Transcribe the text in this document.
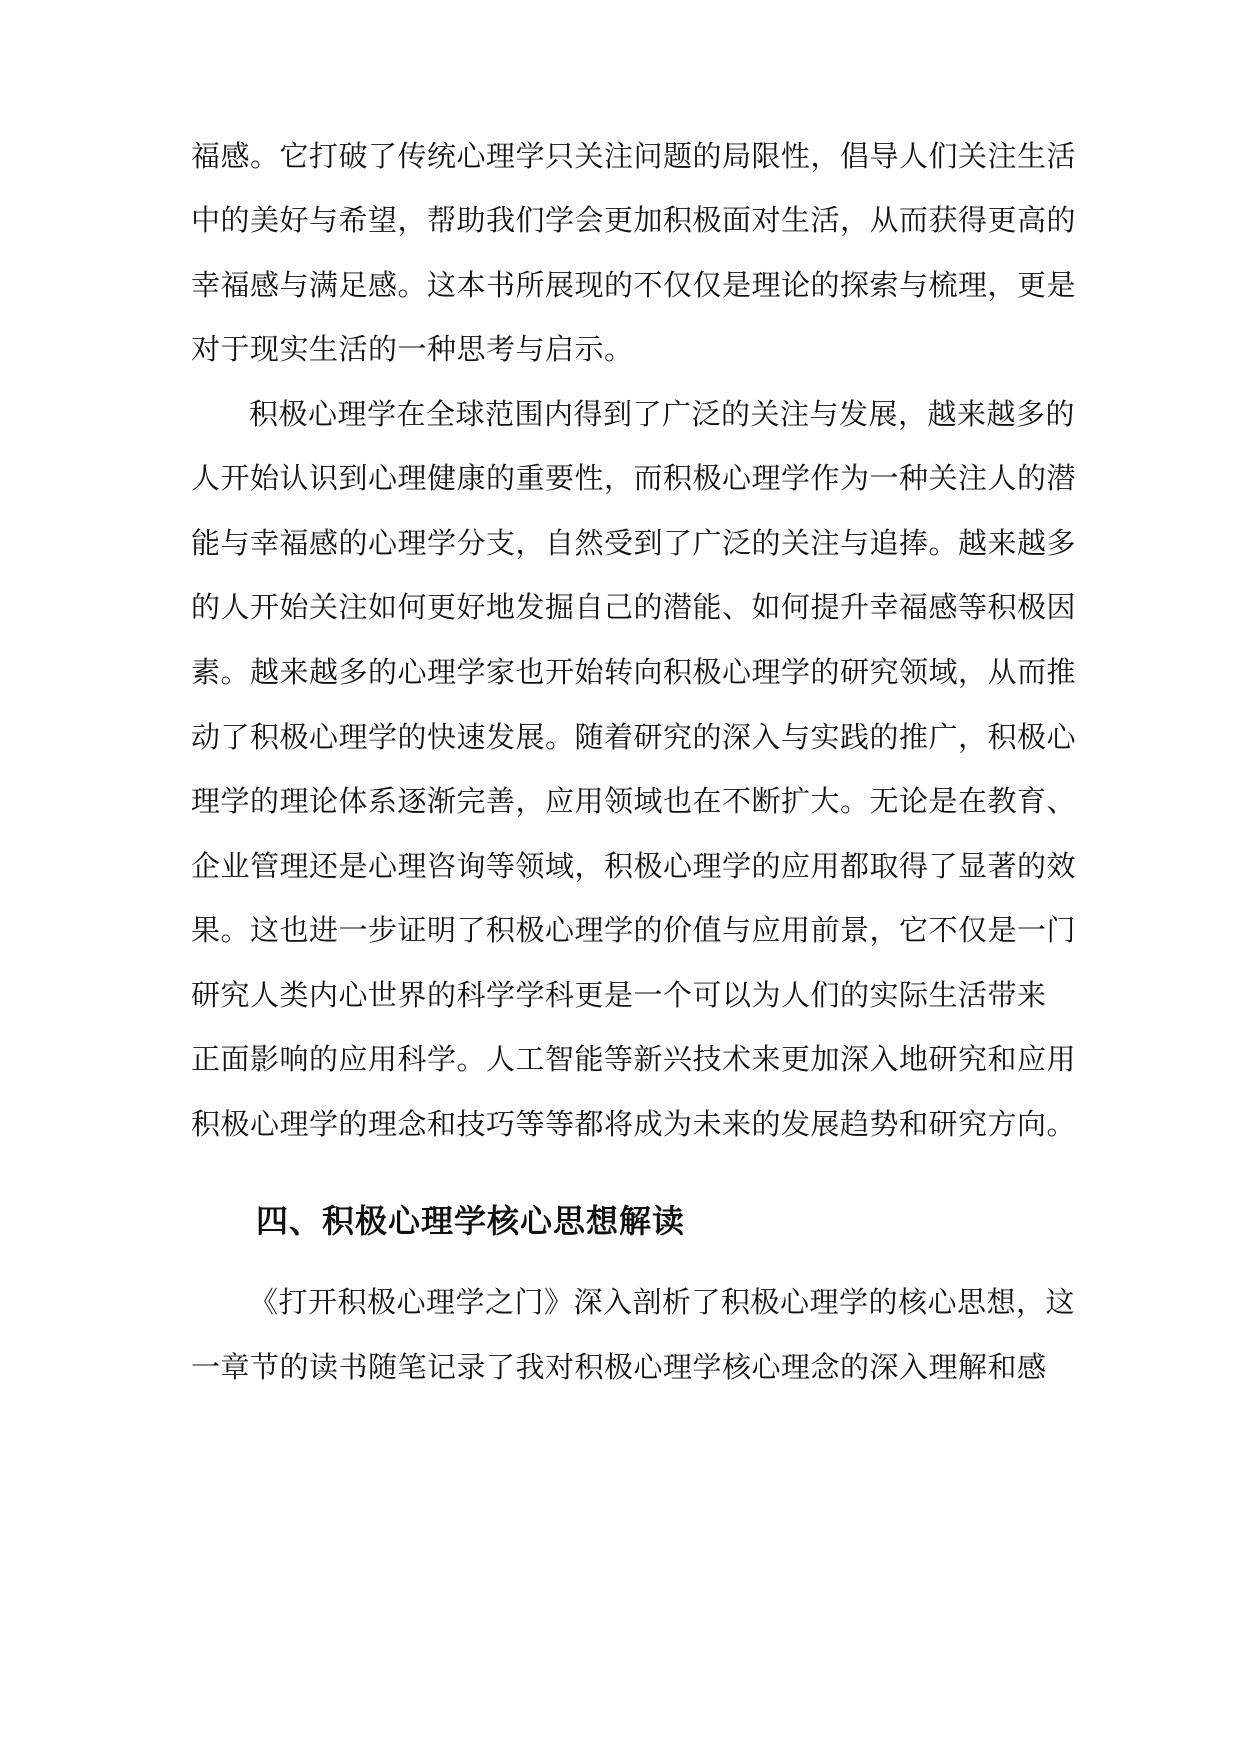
福感。它打破了传统心理学只关注问题的局限性，倡导人们关注生活
中的美好与希望，帮助我们学会更加积极面对生活，从而获得更高的
幸福感与满足感。这本书所展现的不仅仅是理论的探索与梳理，更是
对于现实生活的一种思考与启示。
积极心理学在全球范围内得到了广泛的关注与发展，越来越多的
人开始认识到心理健康的重要性，而积极心理学作为一种关注人的潜
能与幸福感的心理学分支，自然受到了广泛的关注与追捧。越来越多
的人开始关注如何更好地发掘自己的潜能、如何提升幸福感等积极因
素。越来越多的心理学家也开始转向积极心理学的研究领域，从而推
动了积极心理学的快速发展。随着研究的深入与实践的推广，积极心
理学的理论体系逐渐完善，应用领域也在不断扩大。无论是在教育、
企业管理还是心理咨询等领域，积极心理学的应用都取得了显著的效
果。这也进一步证明了积极心理学的价值与应用前景，它不仅是一门
研究人类内心世界的科学学科更是一个可以为人们的实际生活带来
正面影响的应用科学。人工智能等新兴技术来更加深入地研究和应用
积极心理学的理念和技巧等等都将成为未来的发展趋势和研究方向。
四、积极心理学核心思想解读
《打开积极心理学之门》深入剖析了积极心理学的核心思想，这
一章节的读书随笔记录了我对积极心理学核心理念的深入理解和感
